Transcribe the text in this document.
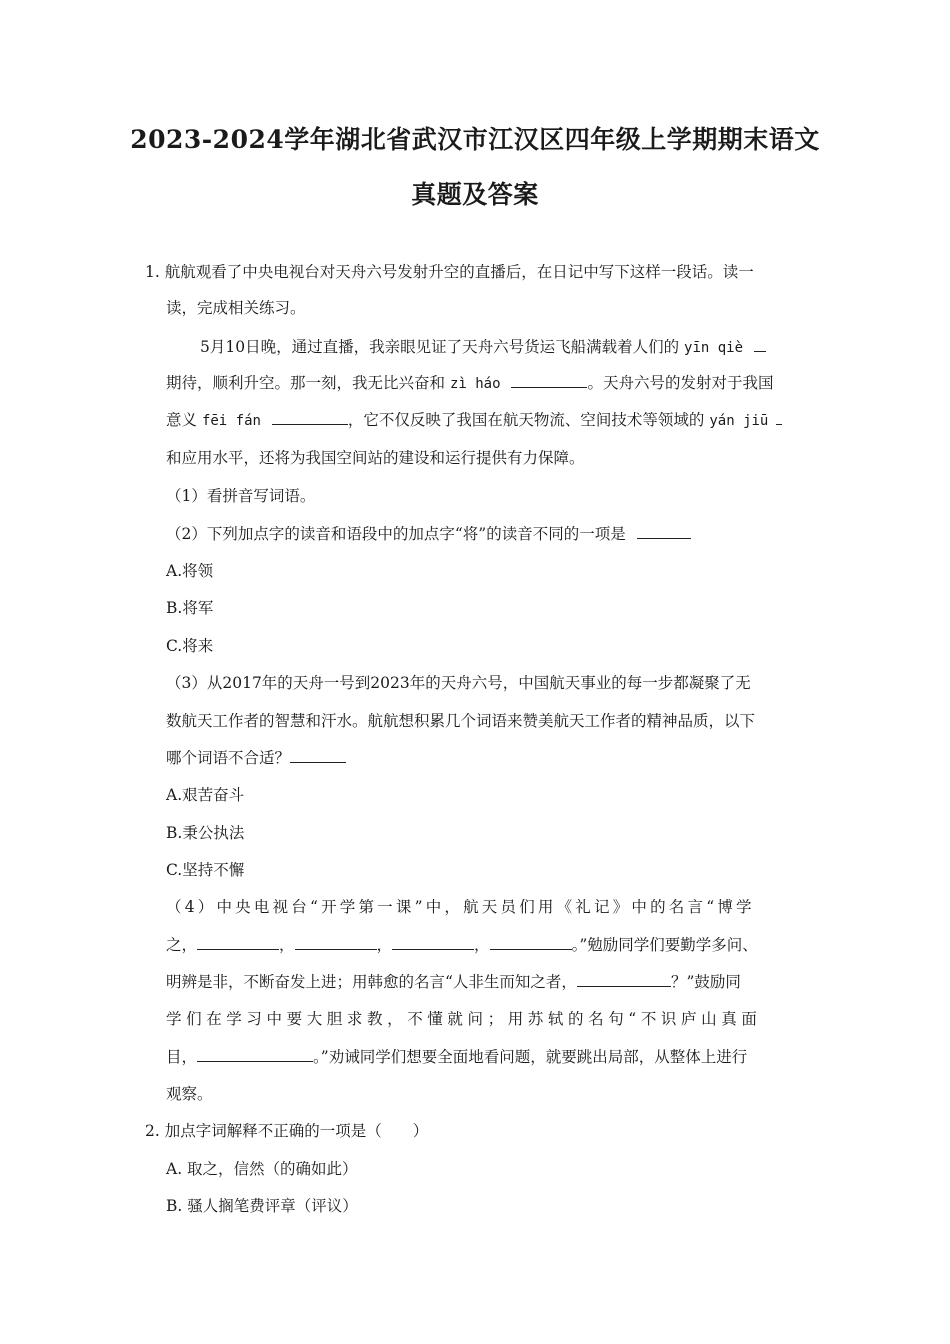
2023-2024学年湖北省武汉市江汉区四年级上学期期末语文
真题及答案
1. 航航观看了中央电视台对天舟六号发射升空的直播后，在日记中写下这样一段话。读一
读，完成相关练习。
5月10日晚，通过直播，我亲眼见证了天舟六号货运飞船满载着人们的 yīn qiè
期待，顺利升空。那一刻，我无比兴奋和 zì háo	。天舟六号的发射对于我国
意义 fēi fán	，它不仅反映了我国在航天物流、空间技术等领域的 yán jiū
和应用水平，还将为我国空间站的建设和运行提供有力保障。
（1）看拼音写词语。
（2）下列加点字的读音和语段中的加点字“将”的读音不同的一项是
A.将领
B.将军
C.将来
（3）从2017年的天舟一号到2023年的天舟六号，中国航天事业的每一步都凝聚了无
数航天工作者的智慧和汗水。航航想积累几个词语来赞美航天工作者的精神品质，以下
哪个词语不合适？
A.艰苦奋斗
B.秉公执法
C.坚持不懈
（4）中央电视台“开学第一课”中，航天员们用《礼记》中的名言“博学
之，	，	，	，	。”勉励同学们要勤学多问、
明辨是非，不断奋发上进；用韩愈的名言“人非生而知之者，	？”鼓励同
学们在学习中要大胆求教，不懂就问；用苏轼的名句“不识庐山真面
目，	。”劝诫同学们想要全面地看问题，就要跳出局部，从整体上进行
观察。
2. 加点字词解释不正确的一项是（　　）
A. 取之，信然（的确如此）
B. 骚人搁笔费评章（评议）
